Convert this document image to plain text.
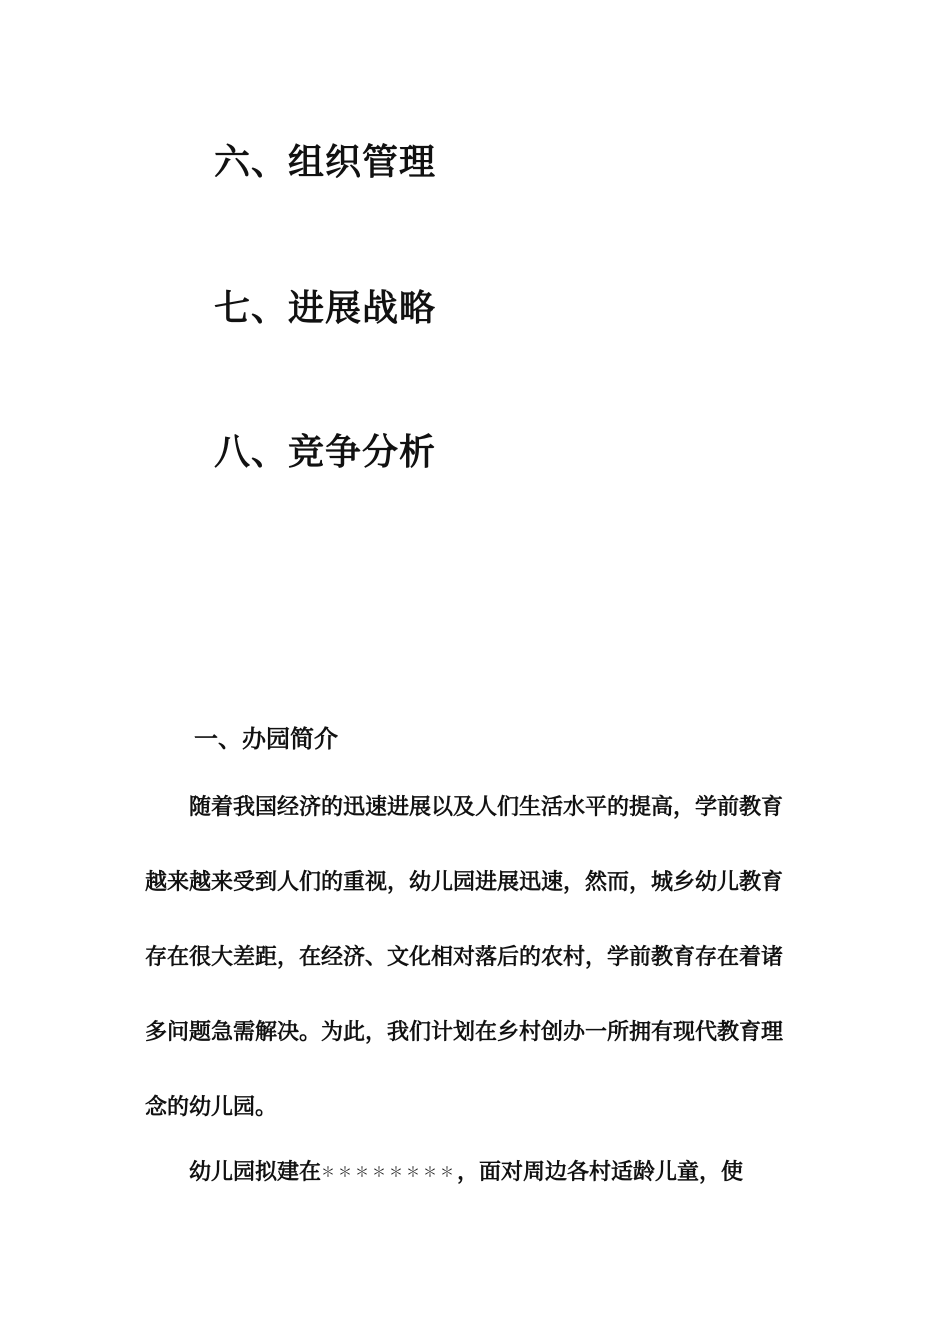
六、组织管理
七、进展战略
八、竞争分析
一、办园简介

随着我国经济的迅速进展以及人们生活水平的提高，学前教育

越来越来受到人们的重视，幼儿园进展迅速，然而，城乡幼儿教育

存在很大差距，在经济、文化相对落后的农村，学前教育存在着诸

多问题急需解决。为此，我们计划在乡村创办一所拥有现代教育理

念的幼儿园。

幼儿园拟建在＊＊＊＊＊＊＊＊，面对周边各村适龄儿童，使
